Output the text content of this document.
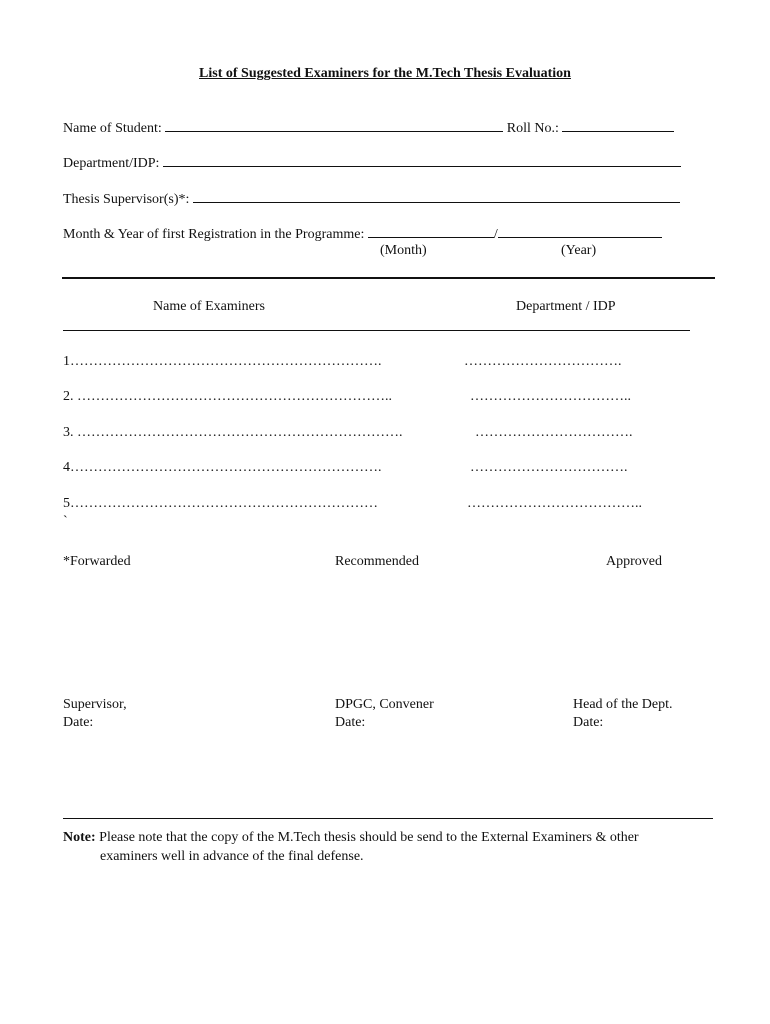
List of Suggested Examiners for the M.Tech Thesis Evaluation
Name of Student:	Roll No.:
Department/IDP:
Thesis Supervisor(s)*:
Month & Year of first Registration in the Programme:	/
(Month)	(Year)
Name of Examiners	Department / IDP
1………………………………………………………….	…………………………….
2. …………………………………………………………..	……………………………..
3. …………………………………………………………….	…………………………….
4………………………………………………………….	…………………………….
5…………………………………………………………	………………………………..
`
*Forwarded	Recommended	Approved
Supervisor,
Date:
DPGC, Convener
Date:
Head of the Dept.
Date:
Note: Please note that the copy of the M.Tech thesis should be send to the External Examiners & other
examiners well in advance of the final defense.
